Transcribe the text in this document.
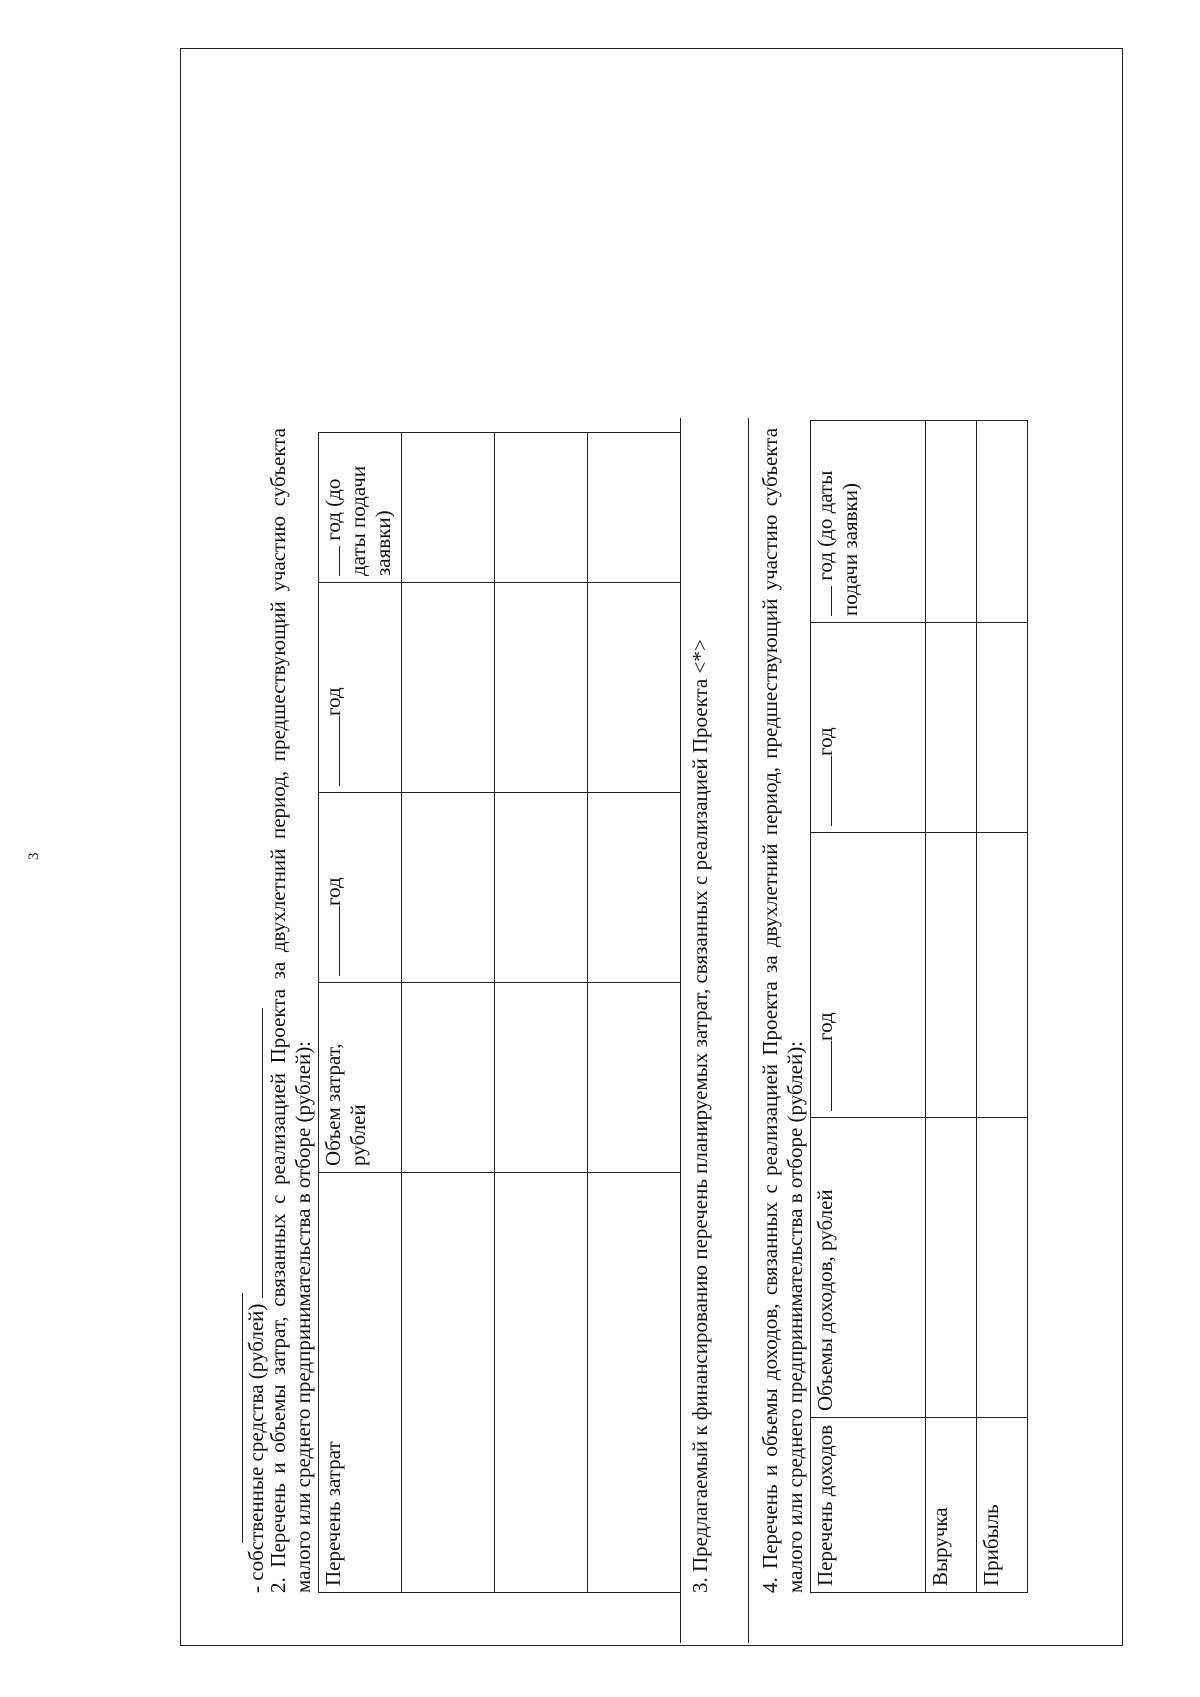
3

- собственные средства (рублей)

2. Перечень и объемы затрат, связанных с реализацией Проекта за двухлетний период, предшествующий участию субъекта малого или среднего предпринимательства в отборе (рублей): Перечень затрат	Объем затрат, рублей	год	год	год (до даты подачи заявки)

3. Предлагаемый к финансированию перечень планируемых затрат, связанных с реализацией Проекта <*> 4. Перечень и объемы доходов, связанных с реализацией Проекта за двухлетний период, предшествующий участию субъекта малого или среднего предпринимательства в отборе (рублей): Перечень доходов	Объемы доходов, рублей	год	год	год (до даты подачи заявки)
Выручка				
Прибыль				
